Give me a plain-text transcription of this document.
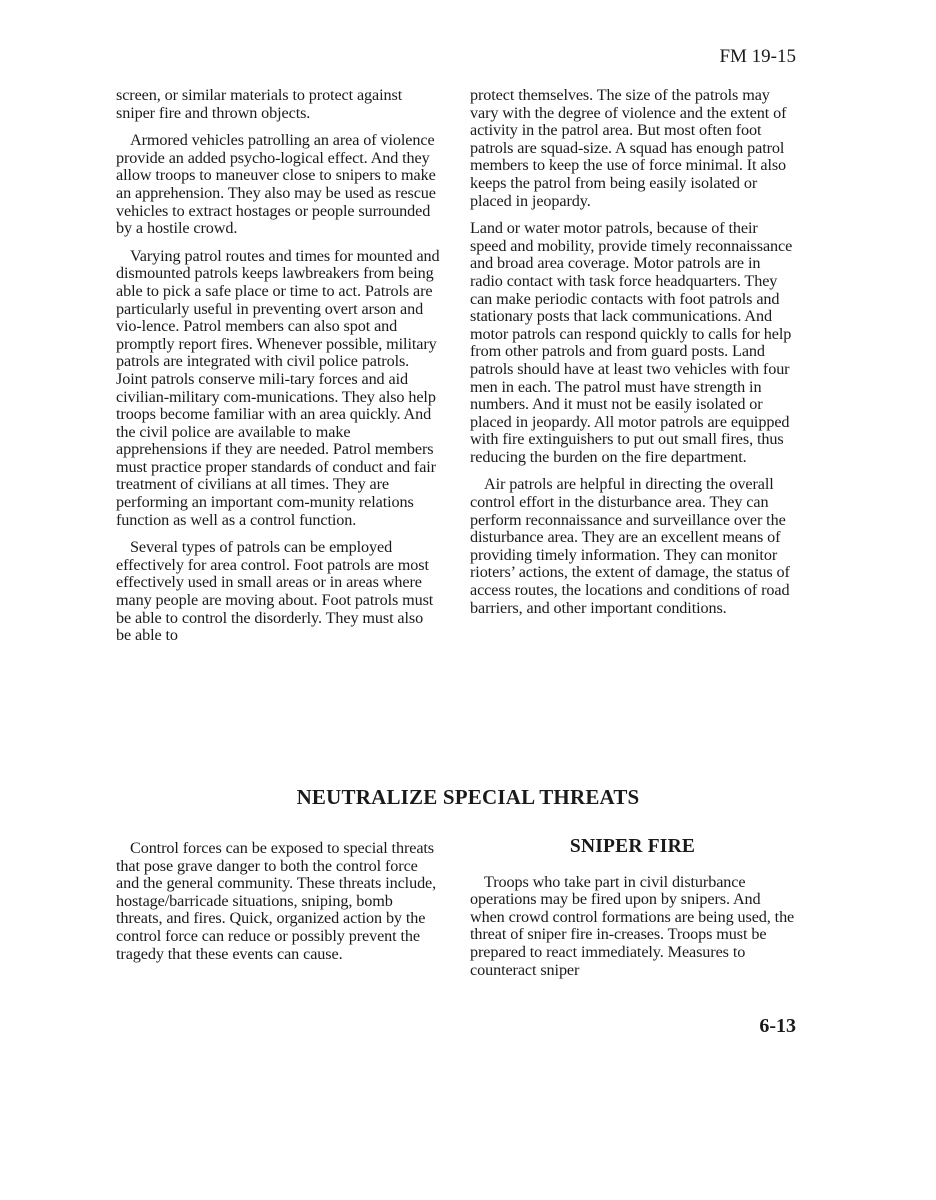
FM 19-15

screen, or similar materials to protect against sniper fire and thrown objects.

Armored vehicles patrolling an area of violence provide an added psycho-logical effect. And they allow troops to maneuver close to snipers to make an apprehension. They also may be used as rescue vehicles to extract hostages or people surrounded by a hostile crowd.

Varying patrol routes and times for mounted and dismounted patrols keeps lawbreakers from being able to pick a safe place or time to act. Patrols are particularly useful in preventing overt arson and vio-lence. Patrol members can also spot and promptly report fires. Whenever possible, military patrols are integrated with civil police patrols. Joint patrols conserve mili-tary forces and aid civilian-military com-munications. They also help troops become familiar with an area quickly. And the civil police are available to make apprehensions if they are needed. Patrol members must practice proper standards of conduct and fair treatment of civilians at all times. They are performing an important com-munity relations function as well as a control function.

Several types of patrols can be employed effectively for area control. Foot patrols are most effectively used in small areas or in areas where many people are moving about. Foot patrols must be able to control the disorderly. They must also be able to

protect themselves. The size of the patrols may vary with the degree of violence and the extent of activity in the patrol area. But most often foot patrols are squad-size. A squad has enough patrol members to keep the use of force minimal. It also keeps the patrol from being easily isolated or placed in jeopardy.

Land or water motor patrols, because of their speed and mobility, provide timely reconnaissance and broad area coverage. Motor patrols are in radio contact with task force headquarters. They can make periodic contacts with foot patrols and stationary posts that lack communications. And motor patrols can respond quickly to calls for help from other patrols and from guard posts. Land patrols should have at least two vehicles with four men in each. The patrol must have strength in numbers. And it must not be easily isolated or placed in jeopardy. All motor patrols are equipped with fire extinguishers to put out small fires, thus reducing the burden on the fire department.

Air patrols are helpful in directing the overall control effort in the disturbance area. They can perform reconnaissance and surveillance over the disturbance area. They are an excellent means of providing timely information. They can monitor rioters’ actions, the extent of damage, the status of access routes, the locations and conditions of road barriers, and other important conditions.

NEUTRALIZE SPECIAL THREATS

Control forces can be exposed to special threats that pose grave danger to both the control force and the general community. These threats include, hostage/barricade situations, sniping, bomb threats, and fires. Quick, organized action by the control force can reduce or possibly prevent the tragedy that these events can cause.

SNIPER FIRE

Troops who take part in civil disturbance operations may be fired upon by snipers. And when crowd control formations are being used, the threat of sniper fire in-creases. Troops must be prepared to react immediately. Measures to counteract sniper

6-13
